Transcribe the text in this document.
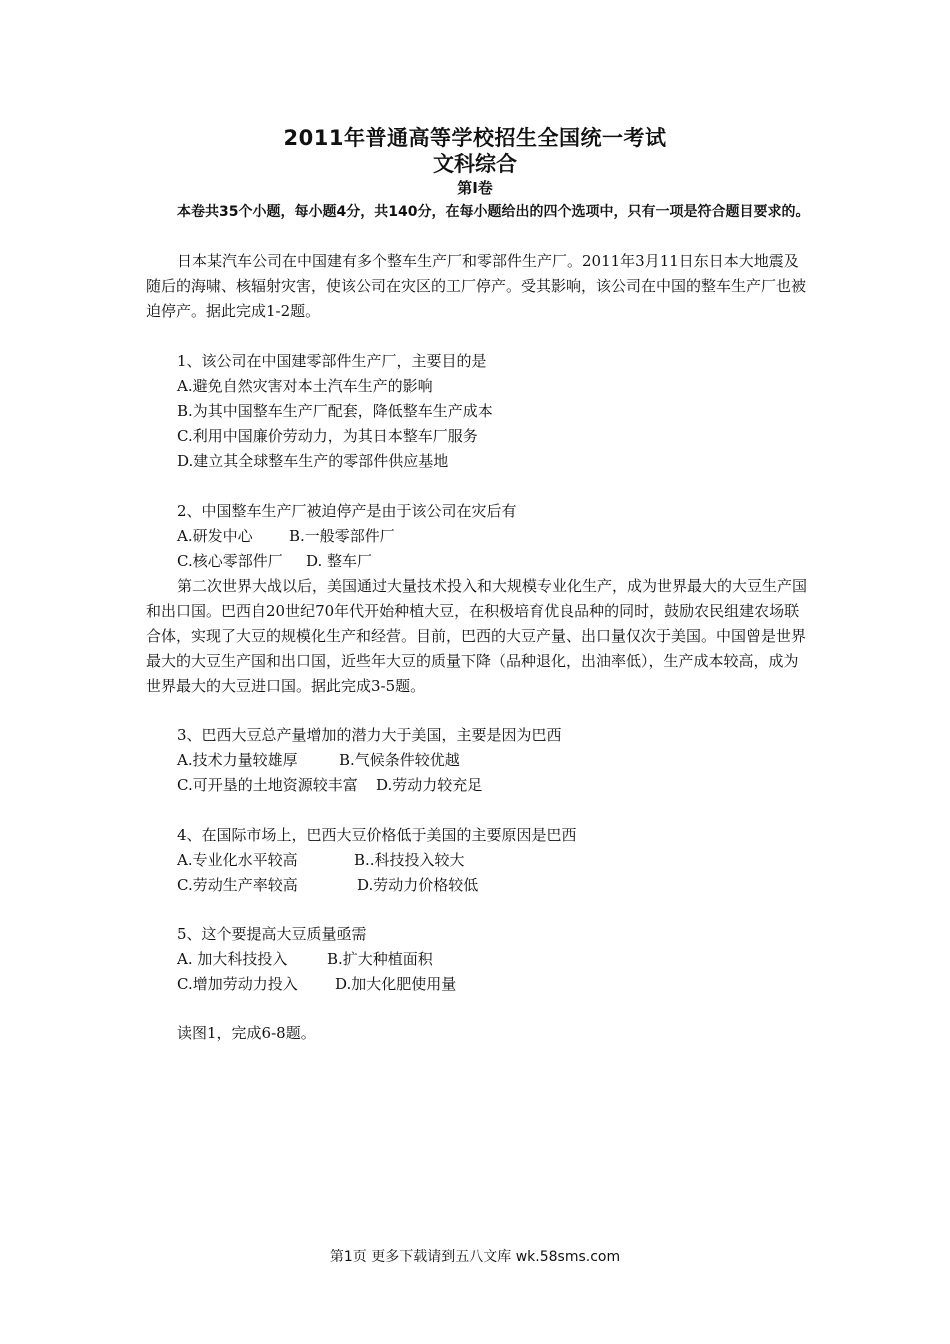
2011年普通高等学校招生全国统一考试
文科综合
第Ⅰ卷
本卷共35个小题，每小题4分，共140分，在每小题给出的四个选项中，只有一项是符合题目要求的。
日本某汽车公司在中国建有多个整车生产厂和零部件生产厂。2011年3月11日东日本大地震及随后的海啸、核辐射灾害，使该公司在灾区的工厂停产。受其影响，该公司在中国的整车生产厂也被迫停产。据此完成1-2题。
1、该公司在中国建零部件生产厂，主要目的是
A.避免自然灾害对本土汽车生产的影响
B.为其中国整车生产厂配套，降低整车生产成本
C.利用中国廉价劳动力，为其日本整车厂服务
D.建立其全球整车生产的零部件供应基地
2、中国整车生产厂被迫停产是由于该公司在灾后有
A.研发中心 B.一般零部件厂
C.核心零部件厂 D. 整车厂
第二次世界大战以后，美国通过大量技术投入和大规模专业化生产，成为世界最大的大豆生产国和出口国。巴西自20世纪70年代开始种植大豆，在积极培育优良品种的同时，鼓励农民组建农场联合体，实现了大豆的规模化生产和经营。目前，巴西的大豆产量、出口量仅次于美国。中国曾是世界最大的大豆生产国和出口国，近些年大豆的质量下降（品种退化，出油率低），生产成本较高，成为世界最大的大豆进口国。据此完成3-5题。
3、巴西大豆总产量增加的潜力大于美国，主要是因为巴西
A.技术力量较雄厚	B.气候条件较优越
C.可开垦的土地资源较丰富 D.劳动力较充足
4、在国际市场上，巴西大豆价格低于美国的主要原因是巴西
A.专业化水平较高	B..科技投入较大
C.劳动生产率较高	D.劳动力价格较低
5、这个要提高大豆质量亟需
A. 加大科技投入	B.扩大种植面积
C.增加劳动力投入 D.加大化肥使用量
读图1，完成6-8题。
第1页 更多下载请到五八文库 wk.58sms.com
